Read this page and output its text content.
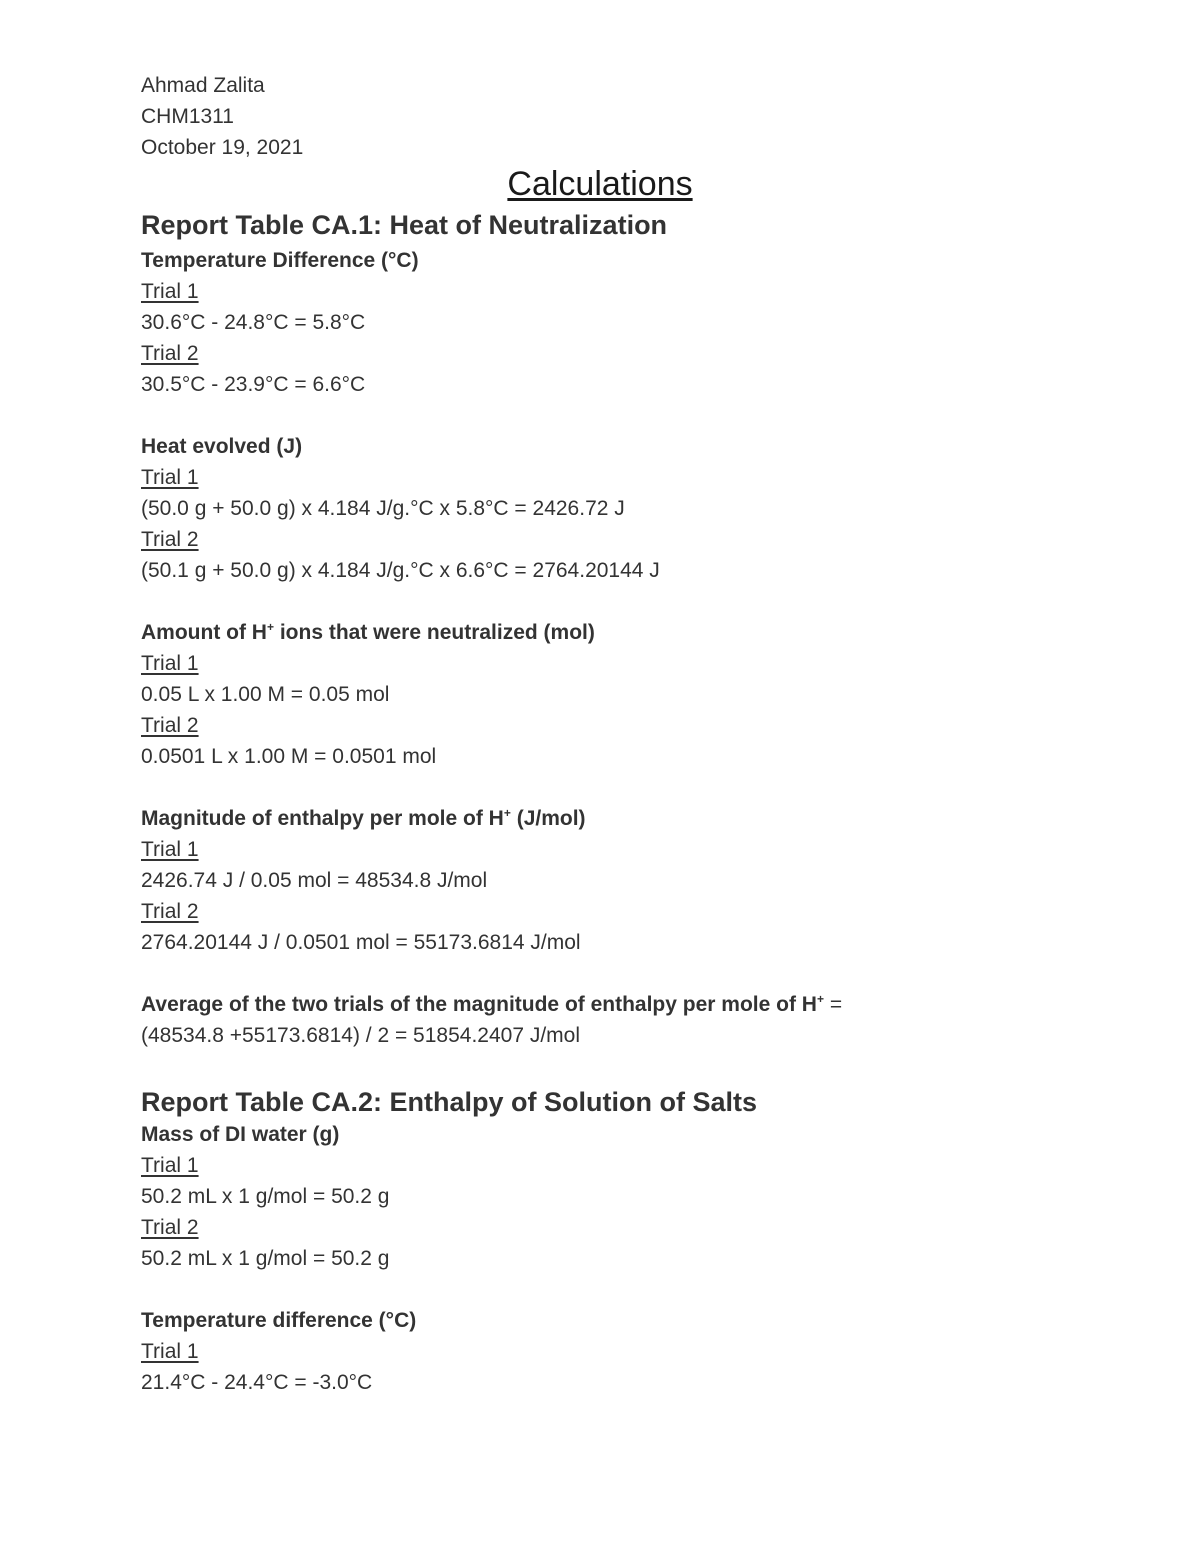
Ahmad Zalita
CHM1311
October 19, 2021
Calculations
Report Table CA.1: Heat of Neutralization
Temperature Difference (°C)
Trial 1
30.6°C - 24.8°C = 5.8°C
Trial 2
30.5°C - 23.9°C = 6.6°C
Heat evolved (J)
Trial 1
(50.0 g + 50.0 g) x 4.184 J/g.°C x 5.8°C = 2426.72 J
Trial 2
(50.1 g + 50.0 g) x 4.184 J/g.°C x 6.6°C = 2764.20144 J
Amount of H+ ions that were neutralized (mol)
Trial 1
0.05 L x 1.00 M = 0.05 mol
Trial 2
0.0501 L x 1.00 M = 0.0501 mol
Magnitude of enthalpy per mole of H+ (J/mol)
Trial 1
2426.74 J / 0.05 mol = 48534.8 J/mol
Trial 2
2764.20144 J / 0.0501 mol = 55173.6814 J/mol
Average of the two trials of the magnitude of enthalpy per mole of H+ =
(48534.8 +55173.6814) / 2 = 51854.2407 J/mol
Report Table CA.2: Enthalpy of Solution of Salts
Mass of DI water (g)
Trial 1
50.2 mL x 1 g/mol = 50.2 g
Trial 2
50.2 mL x 1 g/mol = 50.2 g
Temperature difference (°C)
Trial 1
21.4°C - 24.4°C = -3.0°C
